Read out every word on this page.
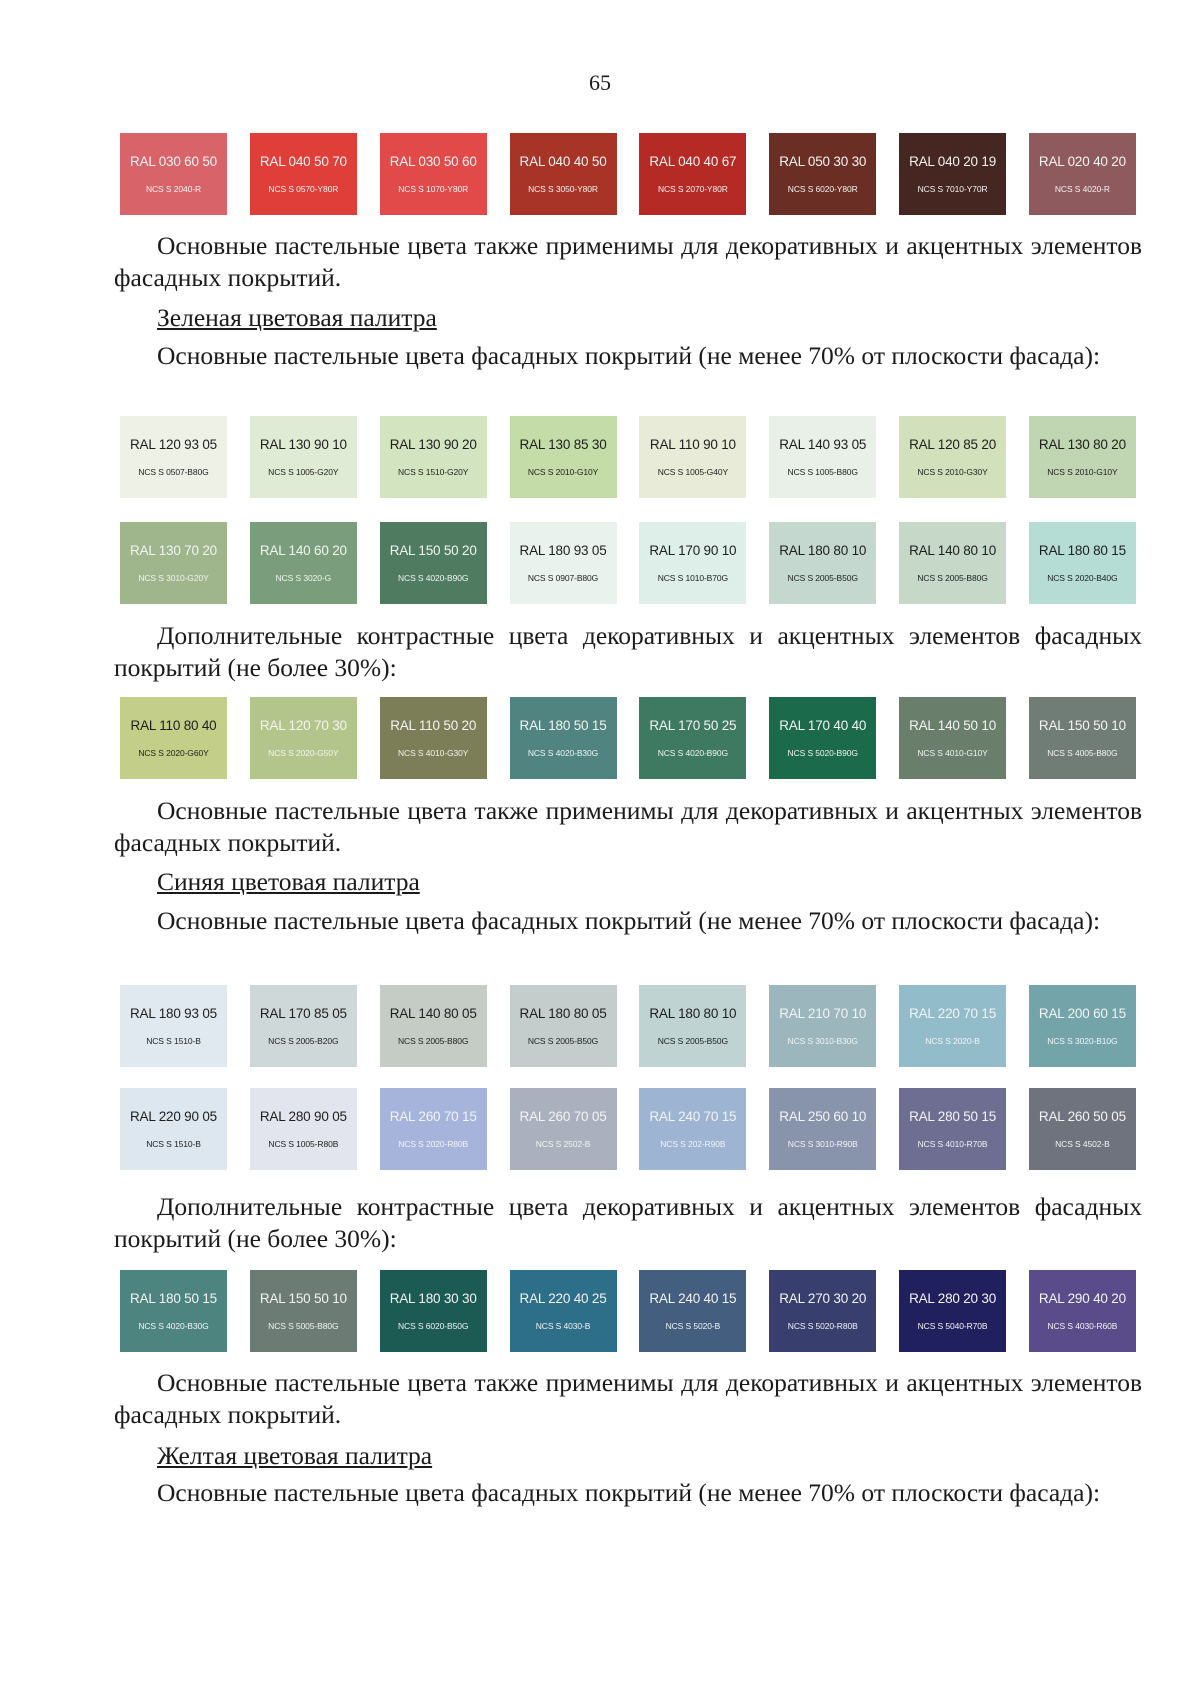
65
RAL 030 60 50
NCS S 2040-R
RAL 040 50 70
NCS S 0570-Y80R
RAL 030 50 60
NCS S 1070-Y80R
RAL 040 40 50
NCS S 3050-Y80R
RAL 040 40 67
NCS S 2070-Y80R
RAL 050 30 30
NCS S 6020-Y80R
RAL 040 20 19
NCS S 7010-Y70R
RAL 020 40 20
NCS S 4020-R

Основные пастельные цвета также применимы для декоративных и акцентных элементов фасадных покрытий.

Зеленая цветовая палитра

Основные пастельные цвета фасадных покрытий (не менее 70% от плоскости фасада):

RAL 120 93 05
NCS S 0507-B80G
RAL 130 90 10
NCS S 1005-G20Y
RAL 130 90 20
NCS S 1510-G20Y
RAL 130 85 30
NCS S 2010-G10Y
RAL 110 90 10
NCS S 1005-G40Y
RAL 140 93 05
NCS S 1005-B80G
RAL 120 85 20
NCS S 2010-G30Y
RAL 130 80 20
NCS S 2010-G10Y
RAL 130 70 20
NCS S 3010-G20Y
RAL 140 60 20
NCS S 3020-G
RAL 150 50 20
NCS S 4020-B90G
RAL 180 93 05
NCS S 0907-B80G
RAL 170 90 10
NCS S 1010-B70G
RAL 180 80 10
NCS S 2005-B50G
RAL 140 80 10
NCS S 2005-B80G
RAL 180 80 15
NCS S 2020-B40G

Дополнительные контрастные цвета декоративных и акцентных элементов фасадных покрытий (не более 30%):

RAL 110 80 40
NCS S 2020-G60Y
RAL 120 70 30
NCS S 2020-G50Y
RAL 110 50 20
NCS S 4010-G30Y
RAL 180 50 15
NCS S 4020-B30G
RAL 170 50 25
NCS S 4020-B90G
RAL 170 40 40
NCS S 5020-B90G
RAL 140 50 10
NCS S 4010-G10Y
RAL 150 50 10
NCS S 4005-B80G

Основные пастельные цвета также применимы для декоративных и акцентных элементов фасадных покрытий.

Синяя цветовая палитра

Основные пастельные цвета фасадных покрытий (не менее 70% от плоскости фасада):

RAL 180 93 05
NCS S 1510-B
RAL 170 85 05
NCS S 2005-B20G
RAL 140 80 05
NCS S 2005-B80G
RAL 180 80 05
NCS S 2005-B50G
RAL 180 80 10
NCS S 2005-B50G
RAL 210 70 10
NCS S 3010-B30G
RAL 220 70 15
NCS S 2020-B
RAL 200 60 15
NCS S 3020-B10G
RAL 220 90 05
NCS S 1510-B
RAL 280 90 05
NCS S 1005-R80B
RAL 260 70 15
NCS S 2020-R80B
RAL 260 70 05
NCS S 2502-B
RAL 240 70 15
NCS S 202-R90B
RAL 250 60 10
NCS S 3010-R90B
RAL 280 50 15
NCS S 4010-R70B
RAL 260 50 05
NCS S 4502-B

Дополнительные контрастные цвета декоративных и акцентных элементов фасадных покрытий (не более 30%):

RAL 180 50 15
NCS S 4020-B30G
RAL 150 50 10
NCS S 5005-B80G
RAL 180 30 30
NCS S 6020-B50G
RAL 220 40 25
NCS S 4030-B
RAL 240 40 15
NCS S 5020-B
RAL 270 30 20
NCS S 5020-R80B
RAL 280 20 30
NCS S 5040-R70B
RAL 290 40 20
NCS S 4030-R60B

Основные пастельные цвета также применимы для декоративных и акцентных элементов фасадных покрытий.

Желтая цветовая палитра

Основные пастельные цвета фасадных покрытий (не менее 70% от плоскости фасада):
